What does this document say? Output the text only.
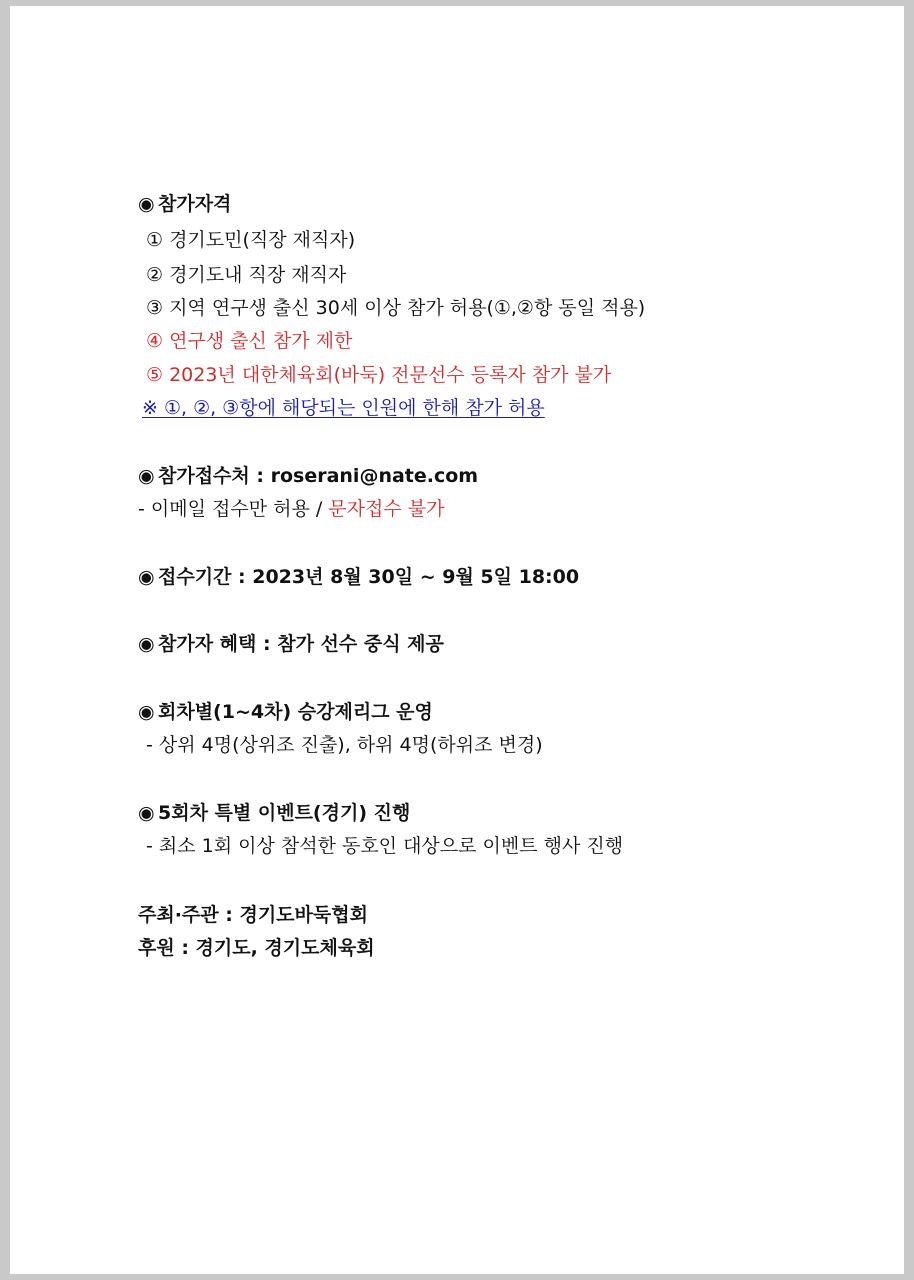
◉ 참가자격
① 경기도민(직장 재직자)
② 경기도내 직장 재직자
③ 지역 연구생 출신 30세 이상 참가 허용(①,②항 동일 적용)
④ 연구생 출신 참가 제한
⑤ 2023년 대한체육회(바둑) 전문선수 등록자 참가 불가
※ ①, ②, ③항에 해당되는 인원에 한해 참가 허용
◉ 참가접수처 : roserani@nate.com
- 이메일 접수만 허용 / 문자접수 불가
◉ 접수기간 : 2023년 8월 30일 ~ 9월 5일 18:00
◉ 참가자 혜택 : 참가 선수 중식 제공
◉ 회차별(1~4차) 승강제리그 운영
- 상위 4명(상위조 진출), 하위 4명(하위조 변경)
◉ 5회차 특별 이벤트(경기) 진행
- 최소 1회 이상 참석한 동호인 대상으로 이벤트 행사 진행
주최·주관 : 경기도바둑협회
후원 : 경기도, 경기도체육회
